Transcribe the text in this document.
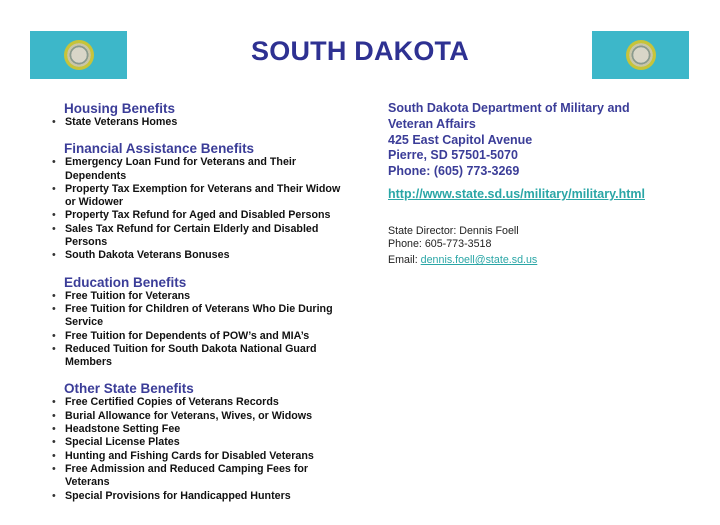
SOUTH DAKOTA
Housing Benefits
• State Veterans Homes
Financial Assistance Benefits
• Emergency Loan Fund for Veterans and Their Dependents
• Property Tax Exemption for Veterans and Their Widow or Widower
• Property Tax Refund for Aged and Disabled Persons
• Sales Tax Refund for Certain Elderly and Disabled Persons
• South Dakota Veterans Bonuses
Education Benefits
• Free Tuition for Veterans
• Free Tuition for Children of Veterans Who Die During Service
• Free Tuition for Dependents of POW’s and MIA’s
• Reduced Tuition for South Dakota National Guard Members
Other State Benefits
• Free Certified Copies of Veterans Records
• Burial Allowance for Veterans, Wives, or Widows
• Headstone Setting Fee
• Special License Plates
• Hunting and Fishing Cards for Disabled Veterans
• Free Admission and Reduced Camping Fees for Veterans
• Special Provisions for Handicapped Hunters
South Dakota Department of Military and
Veteran Affairs
425 East Capitol Avenue
Pierre, SD 57501-5070
Phone: (605) 773-3269
http://www.state.sd.us/military/military.html
State Director: Dennis Foell
Phone: 605-773-3518
Email: dennis.foell@state.sd.us
